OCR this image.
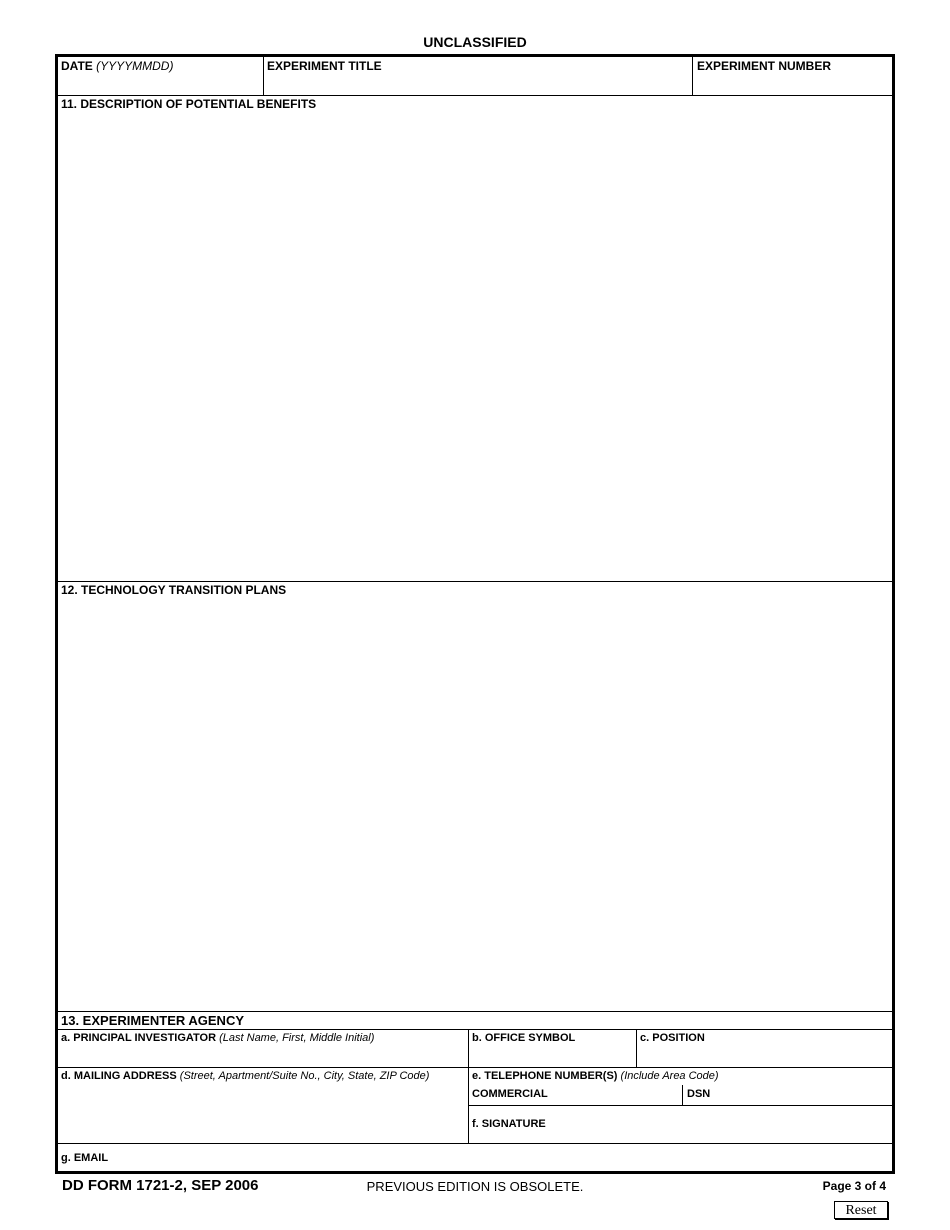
UNCLASSIFIED
DATE (YYYYMMDD)	EXPERIMENT TITLE	EXPERIMENT NUMBER
11. DESCRIPTION OF POTENTIAL BENEFITS
12. TECHNOLOGY TRANSITION PLANS
13. EXPERIMENTER AGENCY
a. PRINCIPAL INVESTIGATOR (Last Name, First, Middle Initial)	b. OFFICE SYMBOL	c. POSITION
d. MAILING ADDRESS (Street, Apartment/Suite No., City, State, ZIP Code)	e. TELEPHONE NUMBER(S) (Include Area Code)
COMMERCIAL	DSN
f. SIGNATURE
g. EMAIL
DD FORM 1721-2, SEP 2006	PREVIOUS EDITION IS OBSOLETE.	Page 3 of 4
Reset
